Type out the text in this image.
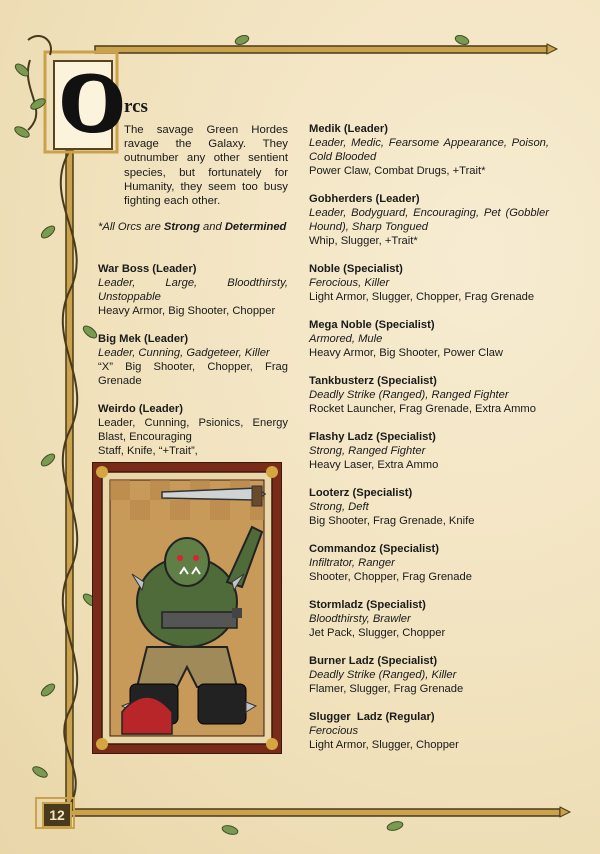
O rcs
The savage Green Hordes ravage the Galaxy. They outnumber any other sentient species, but fortunately for Humanity, they seem too busy fighting each other.
*All Orcs are Strong and Determined
War Boss (Leader)
Leader, Large, Bloodthirsty, Unstoppable
Heavy Armor, Big Shooter, Chopper
Big Mek (Leader)
Leader, Cunning, Gadgeteer, Killer
“X” Big Shooter, Chopper, Frag Grenade
Weirdo (Leader)
Leader, Cunning, Psionics, Energy Blast, Encouraging
Staff, Knife, “+Trait”,
Medik (Leader)
Leader, Medic, Fearsome Appearance, Poison, Cold Blooded
Power Claw, Combat Drugs, +Trait*
Gobherders (Leader)
Leader, Bodyguard, Encouraging, Pet (Gobbler Hound), Sharp Tongued
Whip, Slugger, +Trait*
Noble (Specialist)
Ferocious, Killer
Light Armor, Slugger, Chopper, Frag Grenade
Mega Noble (Specialist)
Armored, Mule
Heavy Armor, Big Shooter, Power Claw
Tankbusterz (Specialist)
Deadly Strike (Ranged), Ranged Fighter
Rocket Launcher, Frag Grenade, Extra Ammo
Flashy Ladz (Specialist)
Strong, Ranged Fighter
Heavy Laser, Extra Ammo
Looterz (Specialist)
Strong, Deft
Big Shooter, Frag Grenade, Knife
Commandoz (Specialist)
Infiltrator, Ranger
Shooter, Chopper, Frag Grenade
Stormladz (Specialist)
Bloodthirsty, Brawler
Jet Pack, Slugger, Chopper
Burner Ladz (Specialist)
Deadly Strike (Ranged), Killer
Flamer, Slugger, Frag Grenade
Slugger  Ladz (Regular)
Ferocious
Light Armor, Slugger, Chopper
12
